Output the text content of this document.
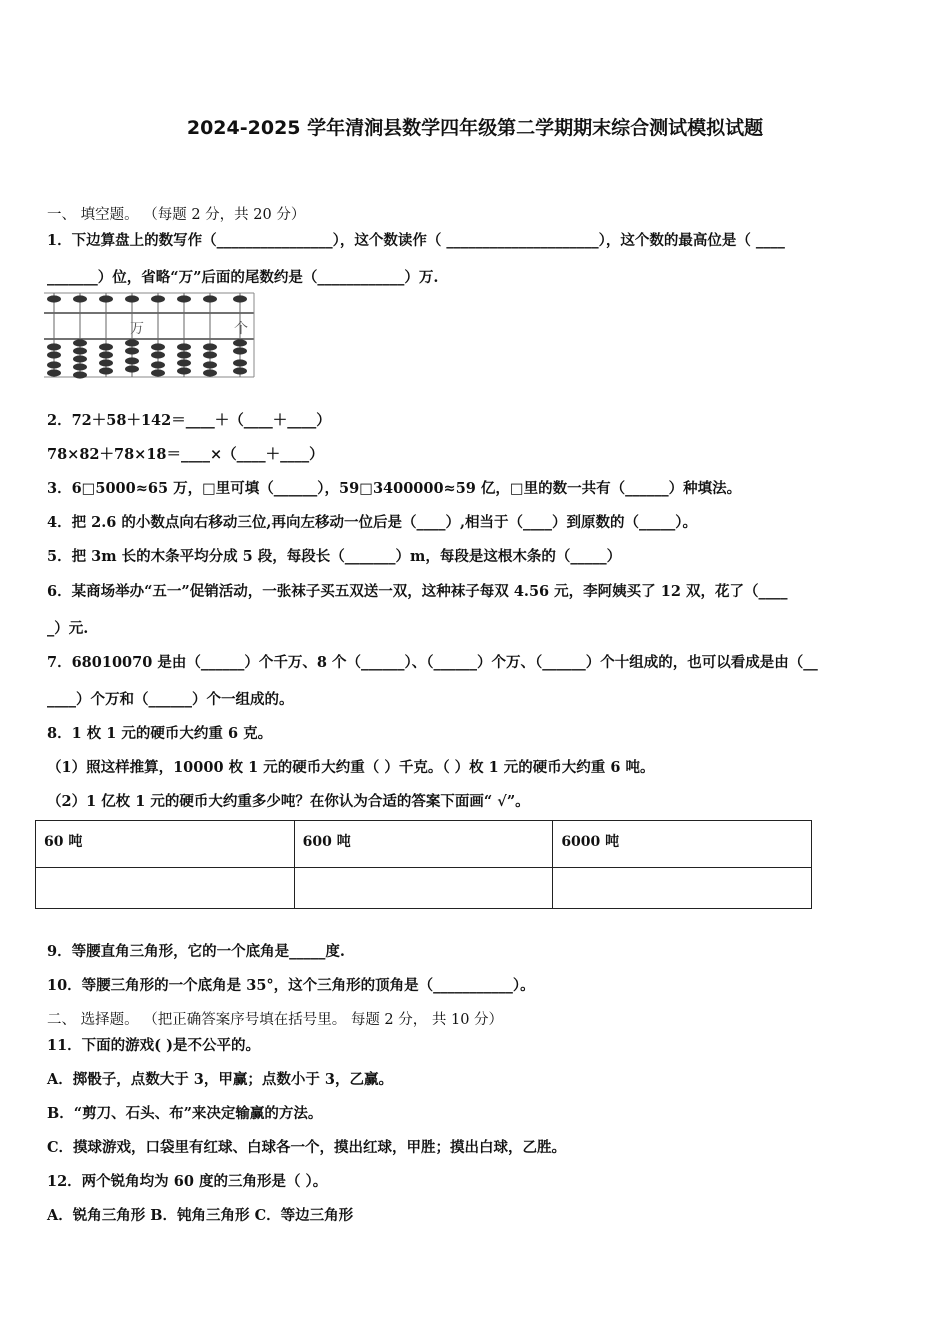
2024-2025 学年清涧县数学四年级第二学期期末综合测试模拟试题
一、 填空题。 （每题 2 分，共 20 分）
1．下边算盘上的数写作（________________），这个数读作（ _____________________），这个数的最高位是（ ____
_______）位，省略“万”后面的尾数约是（____________）万.
万	个
2．72＋58＋142＝____＋（____＋____）
78×82＋78×18＝____×（____＋____）
3．6□5000≈65 万，□里可填（______），59□3400000≈59 亿，□里的数一共有（______）种填法。
4．把 2.6 的小数点向右移动三位,再向左移动一位后是（____）,相当于（____）到原数的（_____）。
5．把 3m 长的木条平均分成 5 段，每段长（_______）m，每段是这根木条的（_____）
6．某商场举办“五一”促销活动，一张袜子买五双送一双，这种袜子每双 4.56 元，李阿姨买了 12 双，花了（____
_）元.
7．68010070 是由（______）个千万、8 个（______）、（______）个万、（______）个十组成的，也可以看成是由（__
____）个万和（______）个一组成的。
8．1 枚 1 元的硬币大约重 6 克。
（1）照这样推算，10000 枚 1 元的硬币大约重（ ）千克。（ ）枚 1 元的硬币大约重 6 吨。
（2）1 亿枚 1 元的硬币大约重多少吨？在你认为合适的答案下面画“ √”。
60 吨	600 吨	6000 吨

9．等腰直角三角形，它的一个底角是_____度.
10．等腰三角形的一个底角是 35°，这个三角形的顶角是（___________）。
二、 选择题。 （把正确答案序号填在括号里。 每题 2 分， 共 10 分）
11．下面的游戏( )是不公平的。
A．掷骰子，点数大于 3，甲赢；点数小于 3，乙赢。
B．“剪刀、石头、布”来决定输赢的方法。
C．摸球游戏，口袋里有红球、白球各一个，摸出红球，甲胜；摸出白球，乙胜。
12．两个锐角均为 60 度的三角形是（ ）。
A．锐角三角形 B．钝角三角形 C．等边三角形
